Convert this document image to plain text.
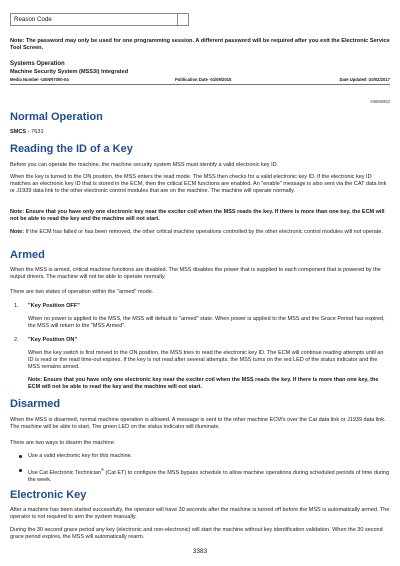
Reason Code
Note: The password may only be used for one programming session. A different password will be required after you exit the Electronic Service Tool Screen.
Systems Operation
Machine Security System (MSS3i) Integrated
Media Number -UENR7000-04	Publication Date -01/09/2015	Date Updated -20/02/2017
i06688962
Normal Operation
SMCS - 7631
Reading the ID of a Key
Before you can operate the machine, the machine security system MSS must identify a valid electronic key ID.
When the key is turned to the ON position, the MSS enters the read mode. The MSS then checks for a valid electronic key ID. If the electronic key ID matches an electronic key ID that is stored in the ECM, then the critical ECM functions are enabled. An "enable" message is also sent via the CAT data link or J1939 data link to the other electronic control modules that are on the machine. The machine will operate normally.
Note: Ensure that you have only one electronic key near the exciter coil when the MSS reads the key. If there is more than one key, the ECM will not be able to read the key and the machine will not start.
Note: If the ECM has failed or has been removed, the other critical machine operations controlled by the other electronic control modules will not operate.
Armed
When the MSS is armed, critical machine functions are disabled. The MSS disables the power that is supplied to each component that is powered by the output drivers. The machine will not be able to operate normally.
There are two states of operation within the "armed" mode.
1. "Key Position OFF"
When no power is applied to the MSS, the MSS will default to "armed" state. When power is applied to the MSS and the Grace Period has expired, the MSS will return to the "MSS Armed".
2. "Key Position ON"
When the key switch is first moved to the ON position, the MSS tries to read the electronic key ID. The ECM will continue reading attempts until an ID is read or the read time-out expires. If the key is not read after several attempts, the MSS turns on the red LED of the status indicator and the MSS remains armed.
Note: Ensure that you have only one electronic key near the exciter coil when the MSS reads the key. If there is more than one key, the ECM will not be able to read the key and the machine will not start.
Disarmed
When the MSS is disarmed, normal machine operation is allowed. A message is sent to the other machine ECM's over the Cat data link or J1939 data link. The machine will be able to start. The green LED on the status indicator will illuminate.
There are two ways to disarm the machine:
Use a valid electronic key for this machine.
Use Cat Electronic Technician® (Cat ET) to configure the MSS bypass schedule to allow machine operations during scheduled periods of time during the week.
Electronic Key
After a machine has been started successfully, the operator will have 30 seconds after the machine is turned off before the MSS is automatically armed. The operator is not required to arm the system manually.
During the 30 second grace period any key (electronic and non-electronic) will start the machine without key identification validation. When the 30 second grace period expires, the MSS will automatically rearm.
3383
